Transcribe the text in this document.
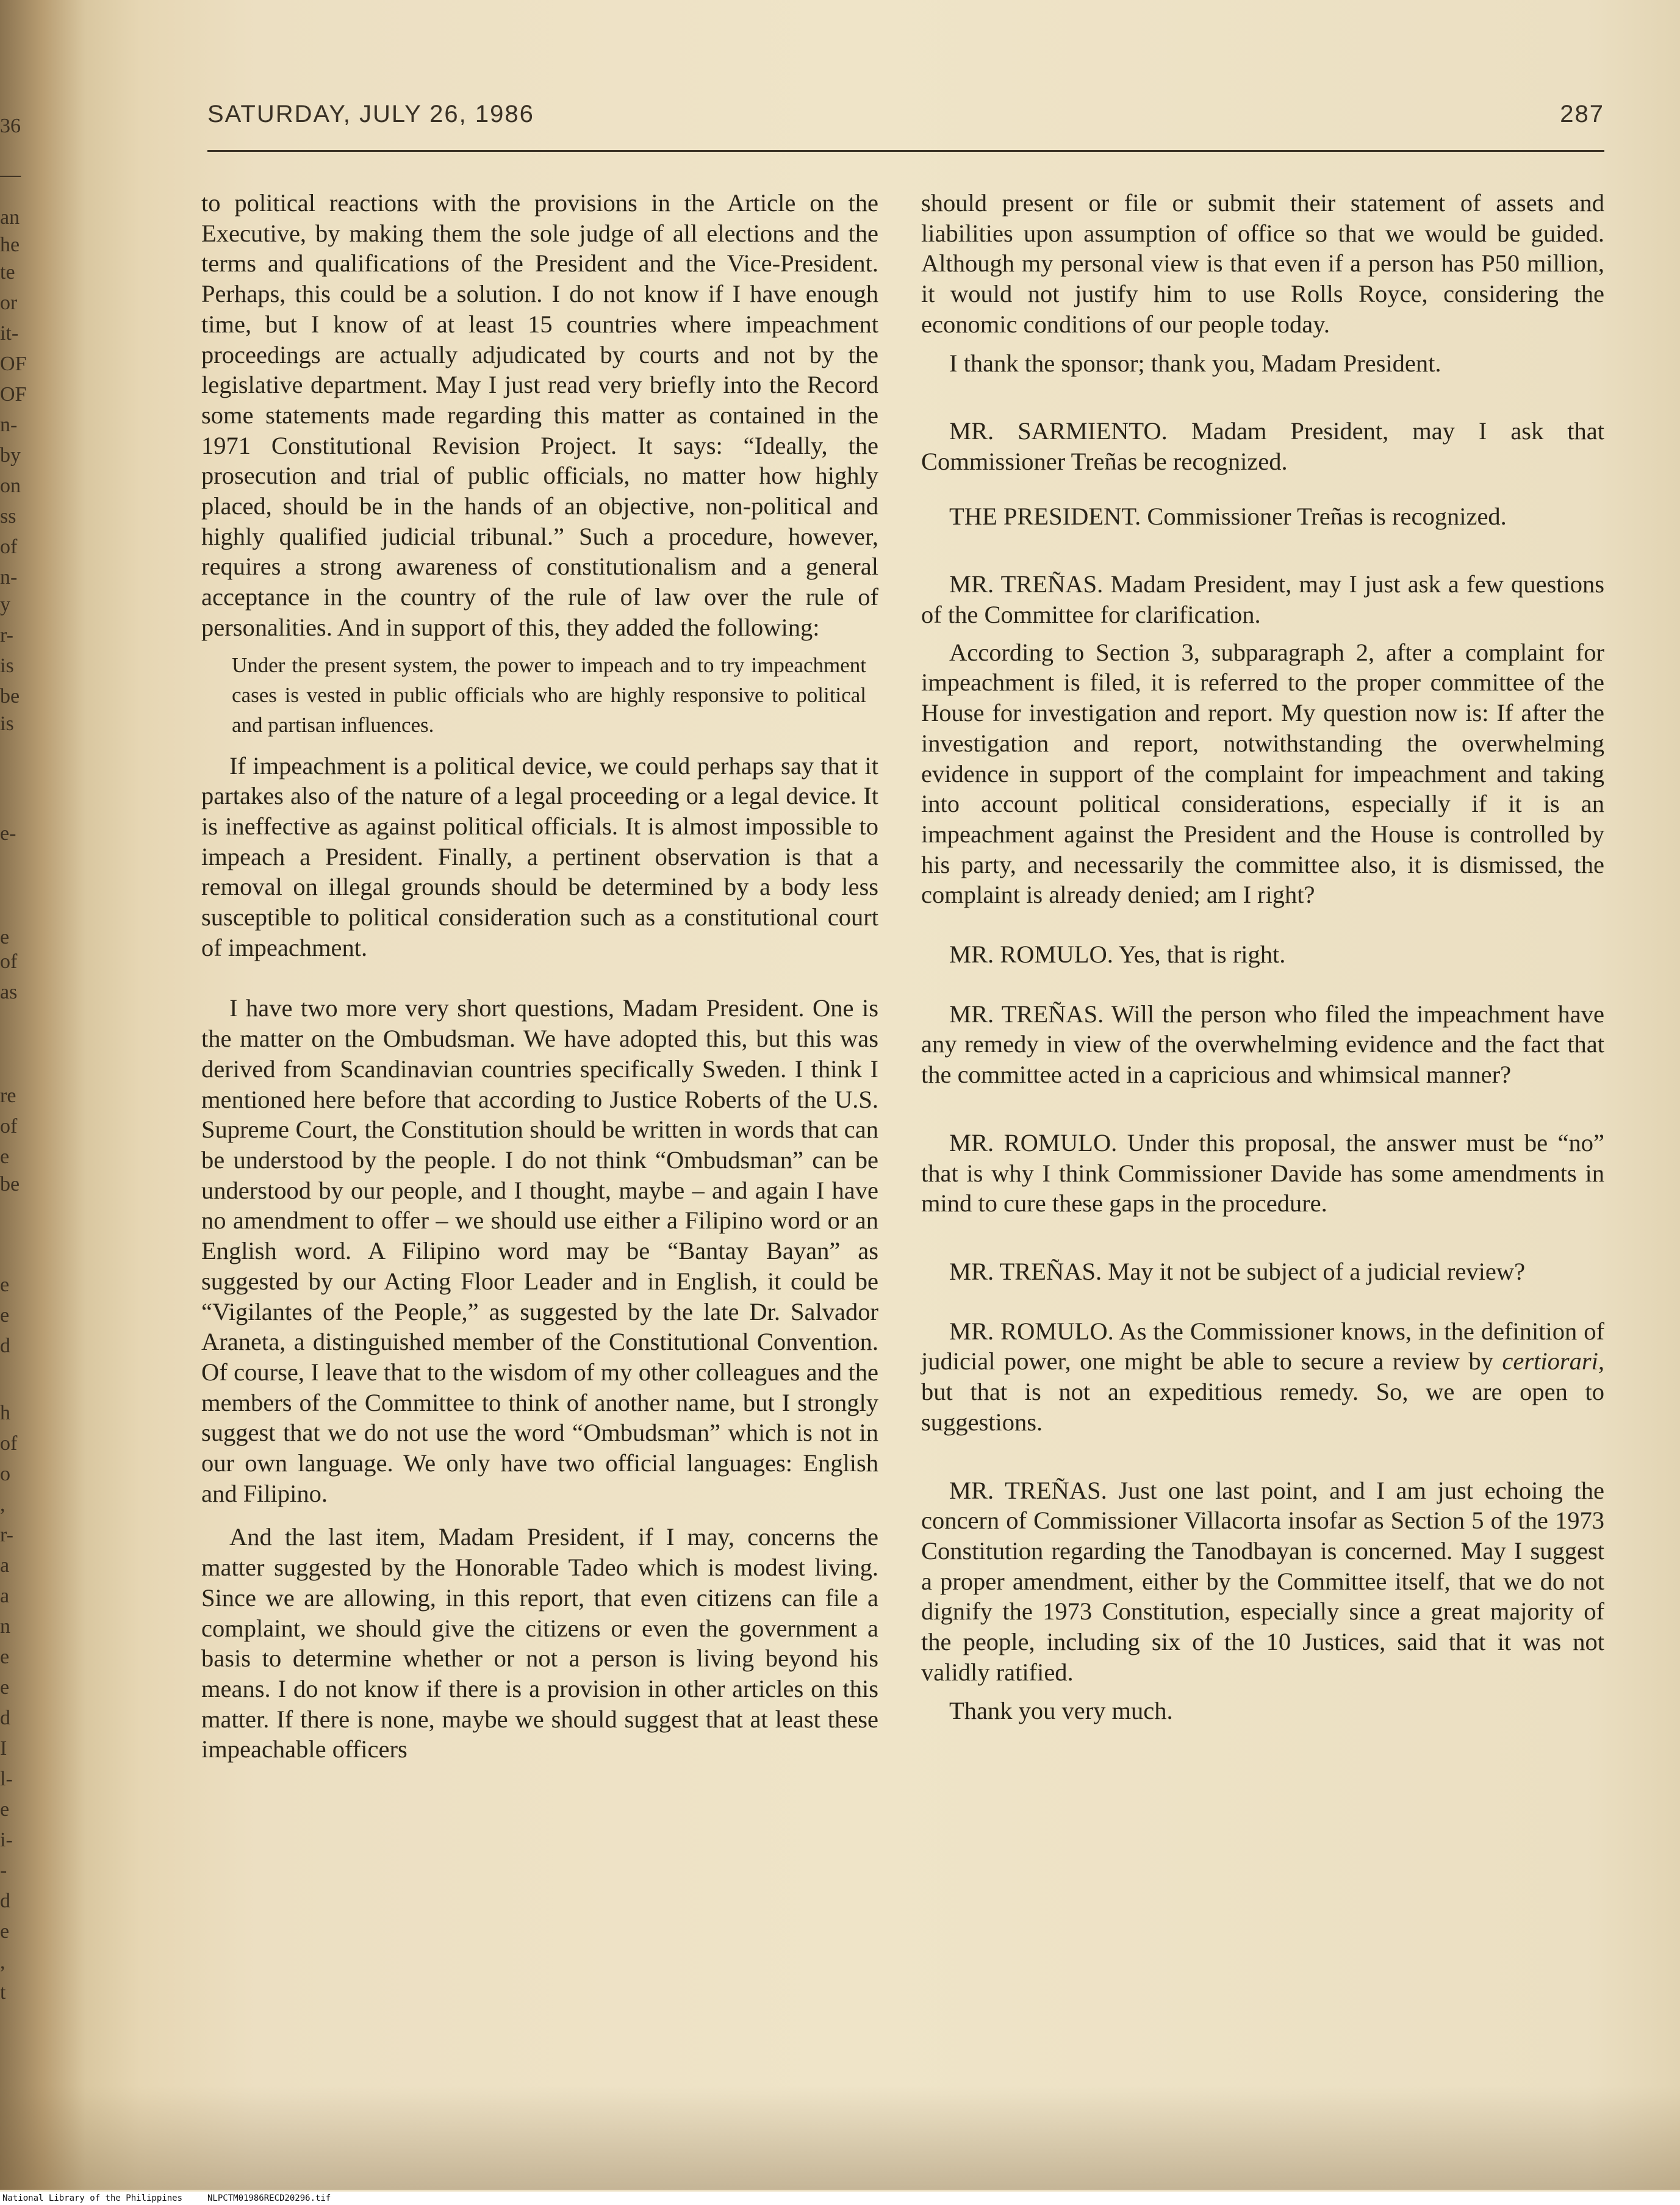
36
—
an
he
te
or
it-
OF
OF
n-
by
on
ss
of
n-
y
r-
is
be
is
e-
e
of
as
re
of
e
be
e
e
d
h
of
o
,
r-
a
a
n
e
e
d
I
l-
e
i-
-
d
e
,
t
SATURDAY, JULY 26, 1986	287

to political reactions with the provisions in the Article on the Executive, by making them the sole judge of all elections and the terms and qualifications of the President and the Vice-President. Perhaps, this could be a solution. I do not know if I have enough time, but I know of at least 15 countries where impeachment proceedings are actually adjudicated by courts and not by the legislative department. May I just read very briefly into the Record some statements made regarding this matter as contained in the 1971 Constitutional Revision Project. It says: “Ideally, the prosecution and trial of public officials, no matter how highly placed, should be in the hands of an objective, non-political and highly qualified judicial tribunal.” Such a procedure, however, requires a strong awareness of constitutionalism and a general acceptance in the country of the rule of law over the rule of personalities. And in support of this, they added the following:

Under the present system, the power to impeach and to try impeachment cases is vested in public officials who are highly responsive to political and partisan influences.

If impeachment is a political device, we could perhaps say that it partakes also of the nature of a legal proceeding or a legal device. It is ineffective as against political officials. It is almost impossible to impeach a President. Finally, a pertinent observation is that a removal on illegal grounds should be determined by a body less susceptible to political consideration such as a constitutional court of impeachment.

I have two more very short questions, Madam President. One is the matter on the Ombudsman. We have adopted this, but this was derived from Scandinavian countries specifically Sweden. I think I mentioned here before that according to Justice Roberts of the U.S. Supreme Court, the Constitution should be written in words that can be understood by the people. I do not think “Ombudsman” can be understood by our people, and I thought, maybe – and again I have no amendment to offer – we should use either a Filipino word or an English word. A Filipino word may be “Bantay Bayan” as suggested by our Acting Floor Leader and in English, it could be “Vigilantes of the People,” as suggested by the late Dr. Salvador Araneta, a distinguished member of the Constitutional Convention. Of course, I leave that to the wisdom of my other colleagues and the members of the Committee to think of another name, but I strongly suggest that we do not use the word “Ombudsman” which is not in our own language. We only have two official languages: English and Filipino.

And the last item, Madam President, if I may, concerns the matter suggested by the Honorable Tadeo which is modest living. Since we are allowing, in this report, that even citizens can file a complaint, we should give the citizens or even the government a basis to determine whether or not a person is living beyond his means. I do not know if there is a provision in other articles on this matter. If there is none, maybe we should suggest that at least these impeachable officers

should present or file or submit their statement of assets and liabilities upon assumption of office so that we would be guided. Although my personal view is that even if a person has P50 million, it would not justify him to use Rolls Royce, considering the economic conditions of our people today.

I thank the sponsor; thank you, Madam President.

MR. SARMIENTO. Madam President, may I ask that Commissioner Treñas be recognized.

THE PRESIDENT. Commissioner Treñas is recognized.

MR. TREÑAS. Madam President, may I just ask a few questions of the Committee for clarification.

According to Section 3, subparagraph 2, after a complaint for impeachment is filed, it is referred to the proper committee of the House for investigation and report. My question now is: If after the investigation and report, notwithstanding the overwhelming evidence in support of the complaint for impeachment and taking into account political considerations, especially if it is an impeachment against the President and the House is controlled by his party, and necessarily the committee also, it is dismissed, the complaint is already denied; am I right?

MR. ROMULO. Yes, that is right.

MR. TREÑAS. Will the person who filed the impeachment have any remedy in view of the overwhelming evidence and the fact that the committee acted in a capricious and whimsical manner?

MR. ROMULO. Under this proposal, the answer must be “no” that is why I think Commissioner Davide has some amendments in mind to cure these gaps in the procedure.

MR. TREÑAS. May it not be subject of a judicial review?

MR. ROMULO. As the Commissioner knows, in the definition of judicial power, one might be able to secure a review by certiorari, but that is not an expeditious remedy. So, we are open to suggestions.

MR. TREÑAS. Just one last point, and I am just echoing the concern of Commissioner Villacorta insofar as Section 5 of the 1973 Constitution regarding the Tanodbayan is concerned. May I suggest a proper amendment, either by the Committee itself, that we do not dignify the 1973 Constitution, especially since a great majority of the people, including six of the 10 Justices, said that it was not validly ratified.

Thank you very much.

National Library of the Philippines	NLPCTM01986RECD20296.tif
